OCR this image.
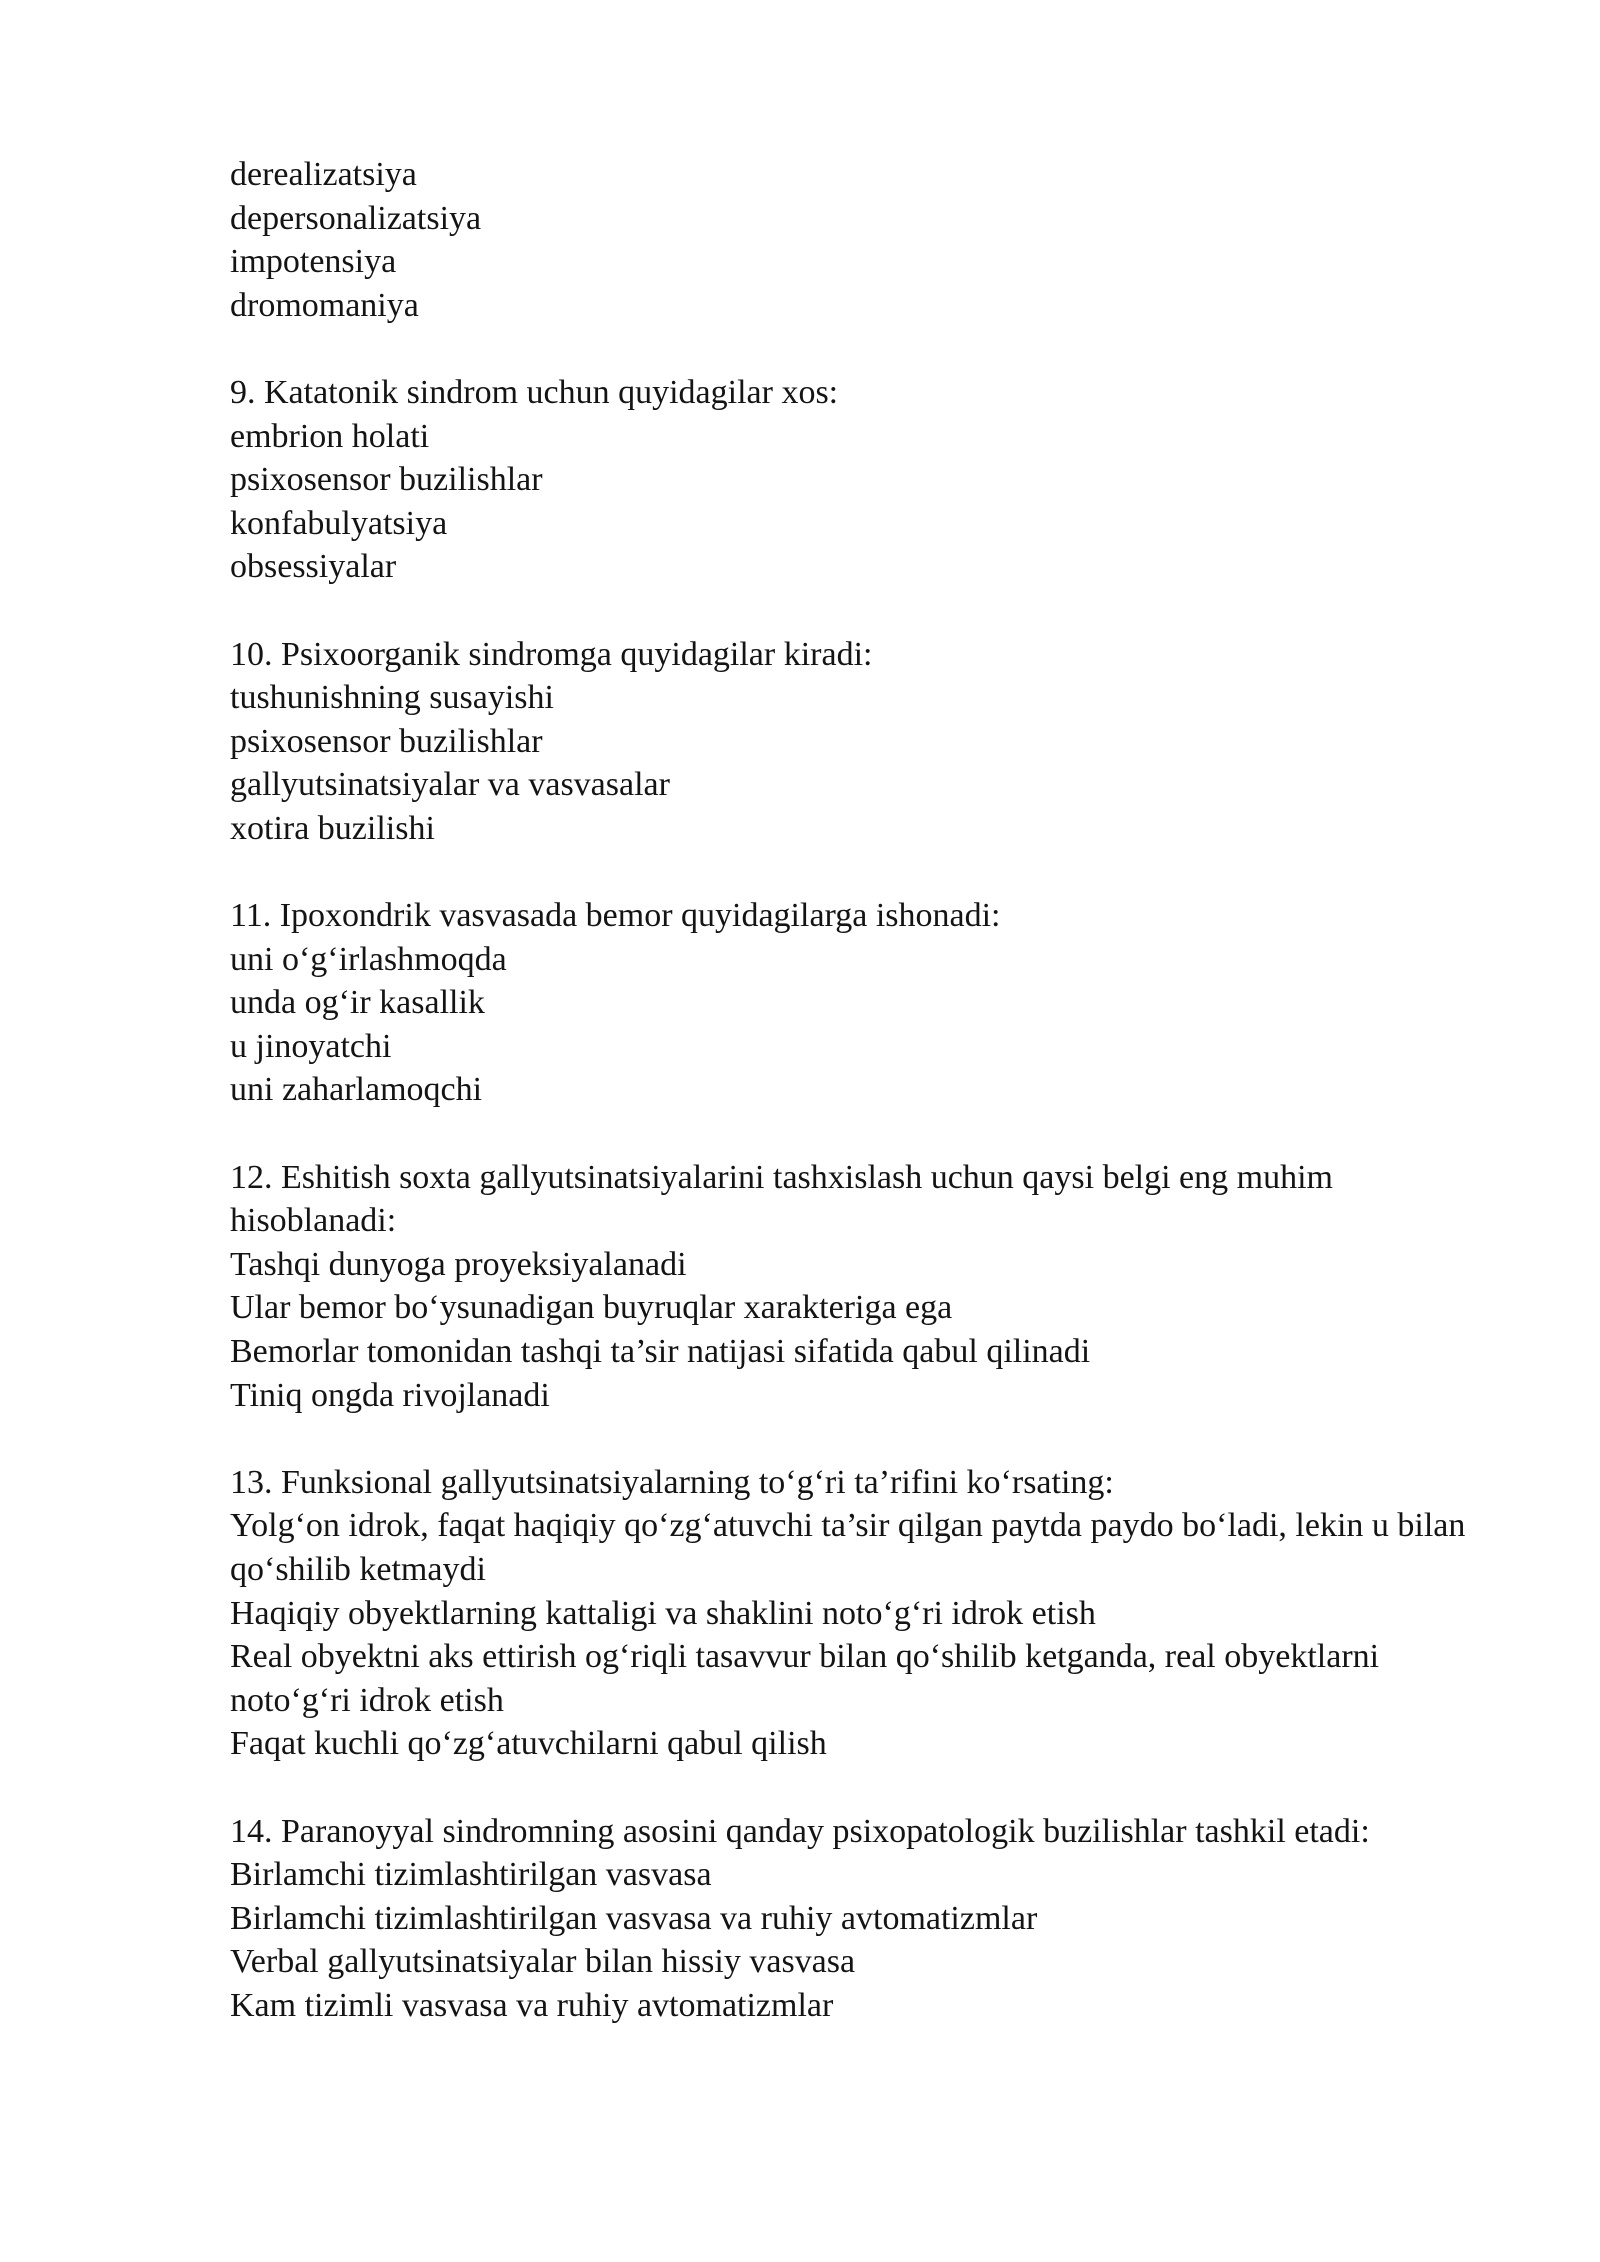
derealizatsiya
depersonalizatsiya
impotensiya
dromomaniya
9. Katatonik sindrom uchun quyidagilar xos:
embrion holati
psixosensor buzilishlar
konfabulyatsiya
obsessiyalar
10. Psixoorganik sindromga quyidagilar kiradi:
tushunishning susayishi
psixosensor buzilishlar
gallyutsinatsiyalar va vasvasalar
xotira buzilishi
11. Ipoxondrik vasvasada bemor quyidagilarga ishonadi:
uni o‘g‘irlashmoqda
unda og‘ir kasallik
u jinoyatchi
uni zaharlamoqchi
12. Eshitish soxta gallyutsinatsiyalarini tashxislash uchun qaysi belgi eng muhim hisoblanadi:
Tashqi dunyoga proyeksiyalanadi
Ular bemor bo‘ysunadigan buyruqlar xarakteriga ega
Bemorlar tomonidan tashqi ta’sir natijasi sifatida qabul qilinadi
Tiniq ongda rivojlanadi
13. Funksional gallyutsinatsiyalarning to‘g‘ri ta’rifini ko‘rsating:
Yolg‘on idrok, faqat haqiqiy qo‘zg‘atuvchi ta’sir qilgan paytda paydo bo‘ladi, lekin u bilan qo‘shilib ketmaydi
Haqiqiy obyektlarning kattaligi va shaklini noto‘g‘ri idrok etish
Real obyektni aks ettirish og‘riqli tasavvur bilan qo‘shilib ketganda, real obyektlarni noto‘g‘ri idrok etish
Faqat kuchli qo‘zg‘atuvchilarni qabul qilish
14. Paranoyyal sindromning asosini qanday psixopatologik buzilishlar tashkil etadi:
Birlamchi tizimlashtirilgan vasvasa
Birlamchi tizimlashtirilgan vasvasa va ruhiy avtomatizmlar
Verbal gallyutsinatsiyalar bilan hissiy vasvasa
Kam tizimli vasvasa va ruhiy avtomatizmlar
